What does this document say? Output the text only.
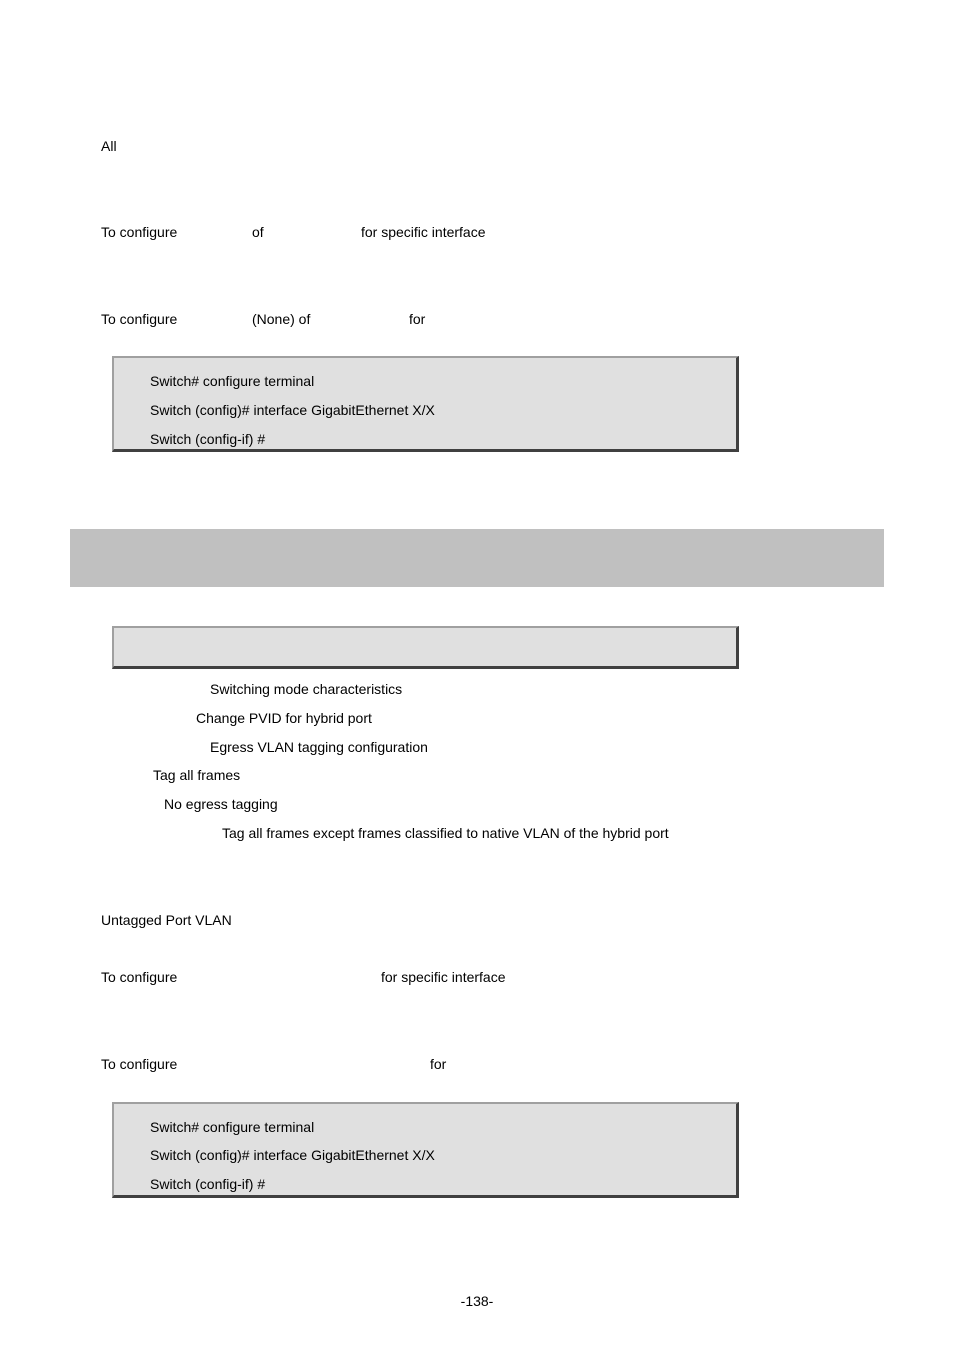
All
To configure	of	for specific interface
To configure	(None) of	for
Switch# configure terminal
Switch (config)# interface GigabitEthernet X/X
Switch (config-if) #
Switching mode characteristics
Change PVID for hybrid port
Egress VLAN tagging configuration
Tag all frames
No egress tagging
Tag all frames except frames classified to native VLAN of the hybrid port
Untagged Port VLAN
To configure	for specific interface
To configure	for
Switch# configure terminal
Switch (config)# interface GigabitEthernet X/X
Switch (config-if) #
-138-
